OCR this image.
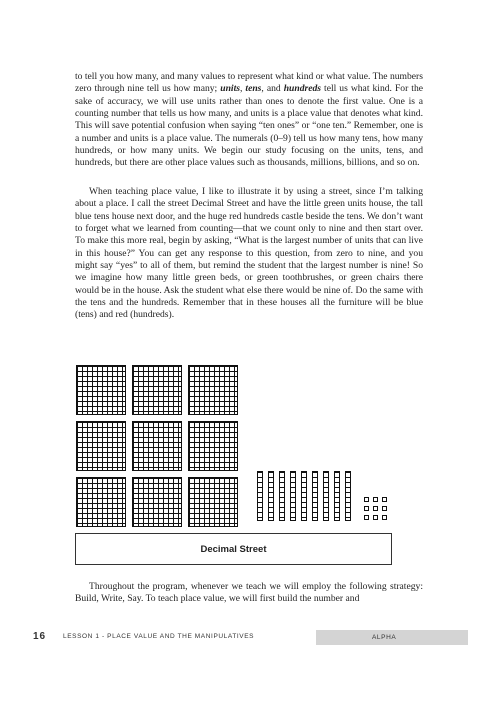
to tell you how many, and many values to represent what kind or what value. The numbers zero through nine tell us how many; units, tens, and hundreds tell us what kind. For the sake of accuracy, we will use units rather than ones to denote the first value. One is a counting number that tells us how many, and units is a place value that denotes what kind. This will save potential confusion when saying “ten ones” or “one ten.” Remember, one is a number and units is a place value. The numerals (0–9) tell us how many tens, how many hundreds, or how many units. We begin our study focusing on the units, tens, and hundreds, but there are other place values such as thousands, millions, billions, and so on.

When teaching place value, I like to illustrate it by using a street, since I’m talking about a place. I call the street Decimal Street and have the little green units house, the tall blue tens house next door, and the huge red hundreds castle beside the tens. We don’t want to forget what we learned from counting—that we count only to nine and then start over. To make this more real, begin by asking, “What is the largest number of units that can live in this house?” You can get any response to this question, from zero to nine, and you might say “yes” to all of them, but remind the student that the largest number is nine! So we imagine how many little green beds, or green toothbrushes, or green chairs there would be in the house. Ask the student what else there would be nine of. Do the same with the tens and the hundreds. Remember that in these houses all the furniture will be blue (tens) and red (hundreds).

Decimal Street

Throughout the program, whenever we teach we will employ the following strategy: Build, Write, Say. To teach place value, we will first build the number and

16	LESSON 1 - PLACE VALUE AND THE MANIPULATIVES	ALPHA
